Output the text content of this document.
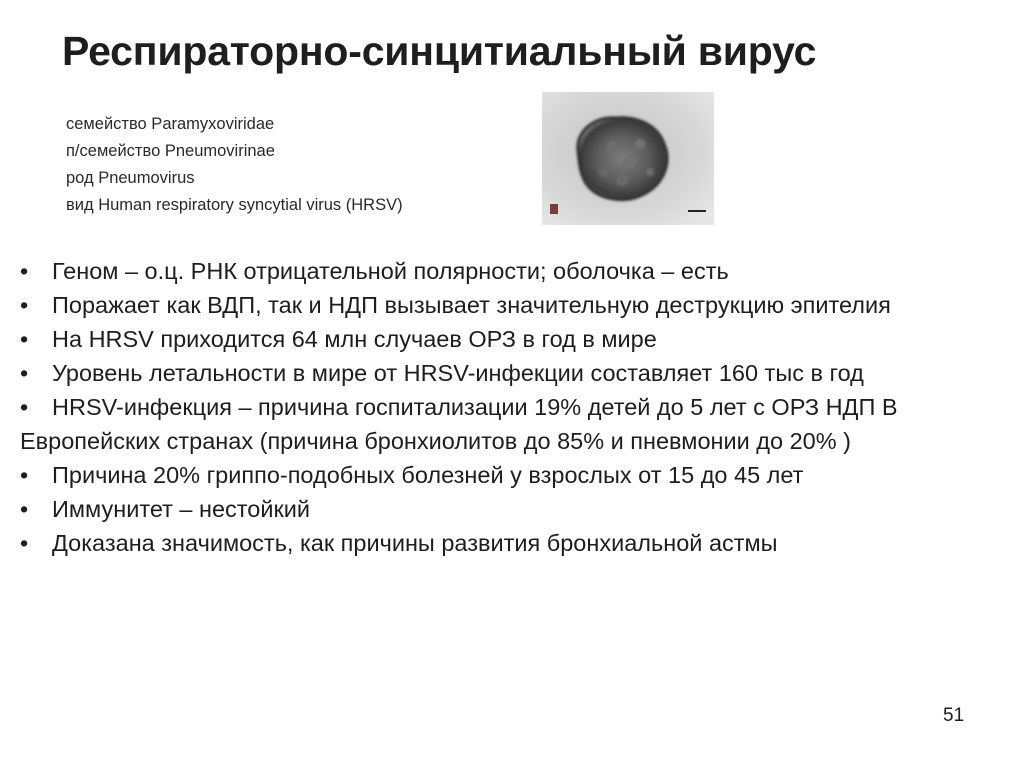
Респираторно-синцитиальный вирус
семейство Paramyxoviridae
п/семейство Pneumovirinae
род Pneumovirus
вид Human respiratory syncytial virus (HRSV)
• Геном – о.ц. РНК отрицательной полярности; оболочка – есть
• Поражает как ВДП, так и НДП вызывает значительную деструкцию эпителия
• На HRSV приходится 64 млн случаев ОРЗ в год в мире
• Уровень летальности в мире от HRSV-инфекции составляет 160 тыс в год
• HRSV-инфекция – причина госпитализации 19% детей до 5 лет с ОРЗ НДП В Европейских странах (причина бронхиолитов до 85% и пневмонии до 20% )
• Причина 20% гриппо-подобных болезней у взрослых от 15 до 45 лет
• Иммунитет – нестойкий
• Доказана значимость, как причины развития бронхиальной астмы
51
